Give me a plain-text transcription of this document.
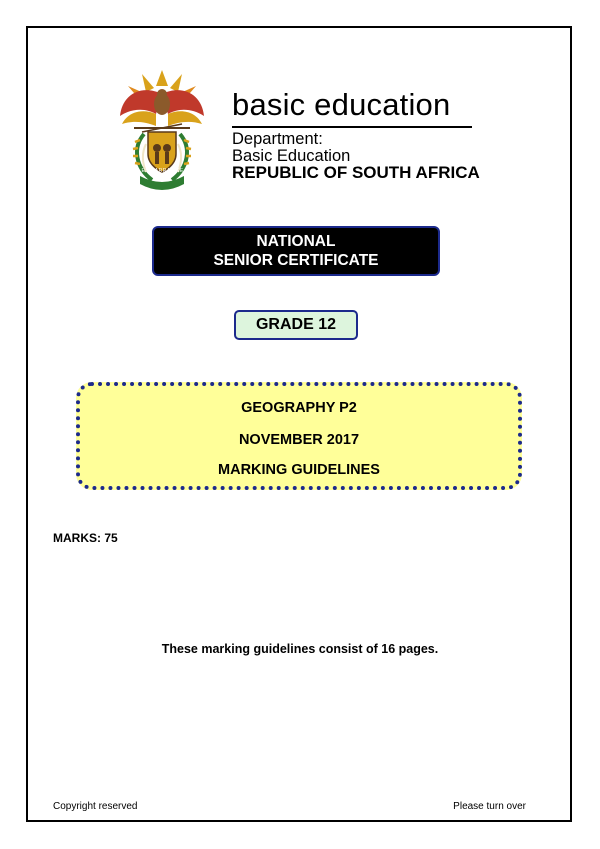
!KE E: /XARRA //KE
basic education
Department:
Basic Education
REPUBLIC OF SOUTH AFRICA
NATIONAL
SENIOR CERTIFICATE
GRADE 12
GEOGRAPHY P2
NOVEMBER 2017
MARKING GUIDELINES
MARKS: 75
These marking guidelines consist of 16 pages.
Copyright reserved	Please turn over
